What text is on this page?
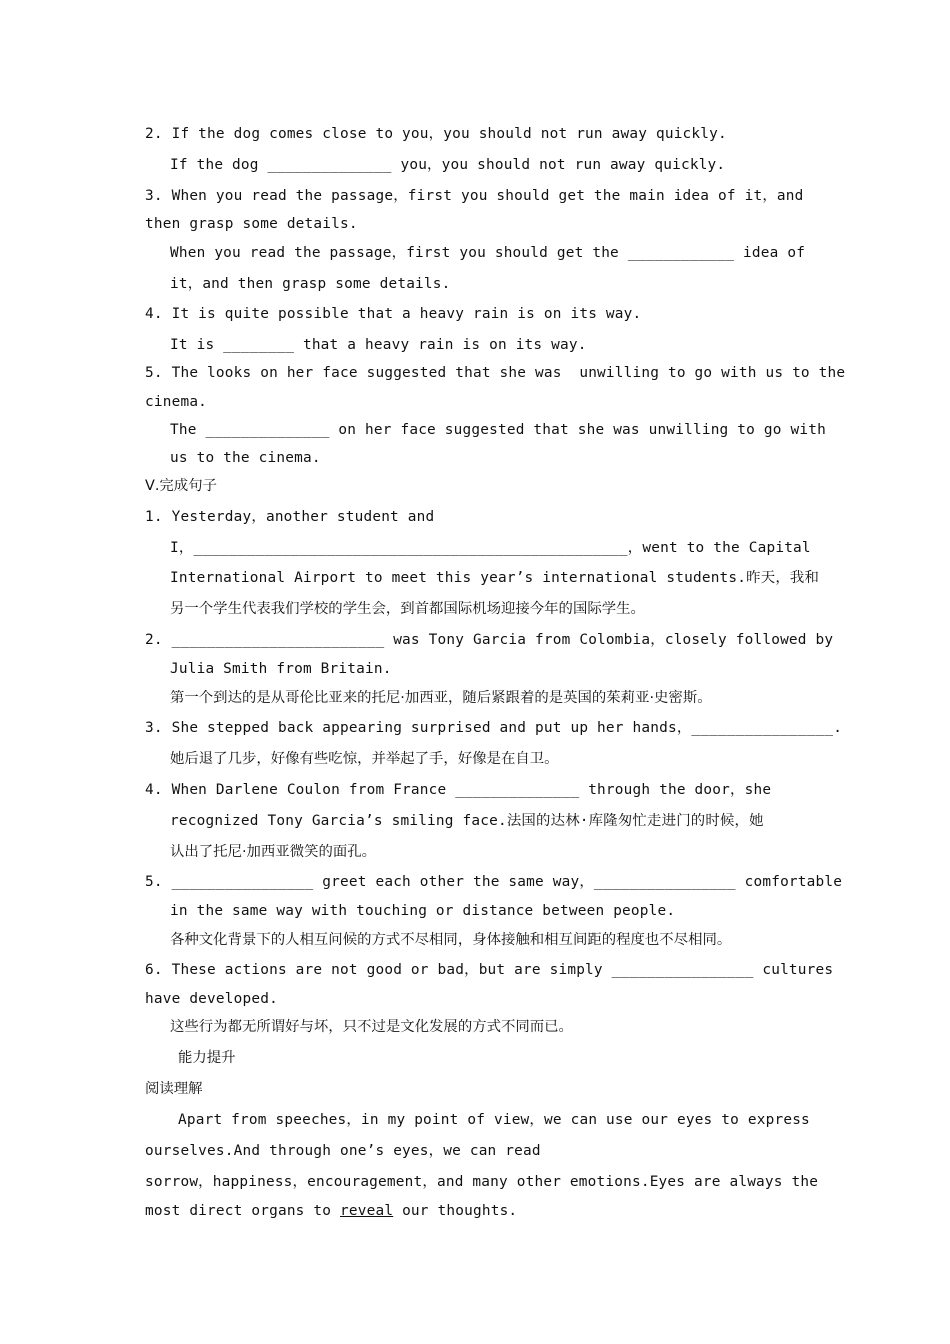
2. If the dog comes close to you，you should not run away quickly.
If the dog ______________ you，you should not run away quickly.
3. When you read the passage，first you should get the main idea of it，and
then grasp some details.
When you read the passage，first you should get the ____________ idea of
it，and then grasp some details.
4. It is quite possible that a heavy rain is on its way.
It is ________ that a heavy rain is on its way.
5. The looks on her face suggested that she was  unwilling to go with us to the
cinema.
The ______________ on her face suggested that she was unwilling to go with
us to the cinema.
Ⅴ.完成句子
1. Yesterday，another student and
I，_________________________________________________，went to the Capital
International Airport to meet this year’s international students.昨天，我和
另一个学生代表我们学校的学生会，到首都国际机场迎接今年的国际学生。
2. ________________________ was Tony Garcia from Colombia，closely followed by
Julia Smith from Britain.
第一个到达的是从哥伦比亚来的托尼·加西亚，随后紧跟着的是英国的茱莉亚·史密斯。
3. She stepped back appearing surprised and put up her hands，________________.
她后退了几步，好像有些吃惊，并举起了手，好像是在自卫。
4. When Darlene Coulon from France ______________ through the door，she
recognized Tony Garcia’s smiling face.法国的达林·库隆匆忙走进门的时候，她
认出了托尼·加西亚微笑的面孔。
5. ________________ greet each other the same way，________________ comfortable
in the same way with touching or distance between people.
各种文化背景下的人相互问候的方式不尽相同，身体接触和相互间距的程度也不尽相同。
6. These actions are not good or bad，but are simply ________________ cultures
have developed.
这些行为都无所谓好与坏，只不过是文化发展的方式不同而已。
能力提升
阅读理解
Apart from speeches，in my point of view，we can use our eyes to express
ourselves.And through one’s eyes，we can read
sorrow，happiness，encouragement，and many other emotions.Eyes are always the
most direct organs to reveal our thoughts.
